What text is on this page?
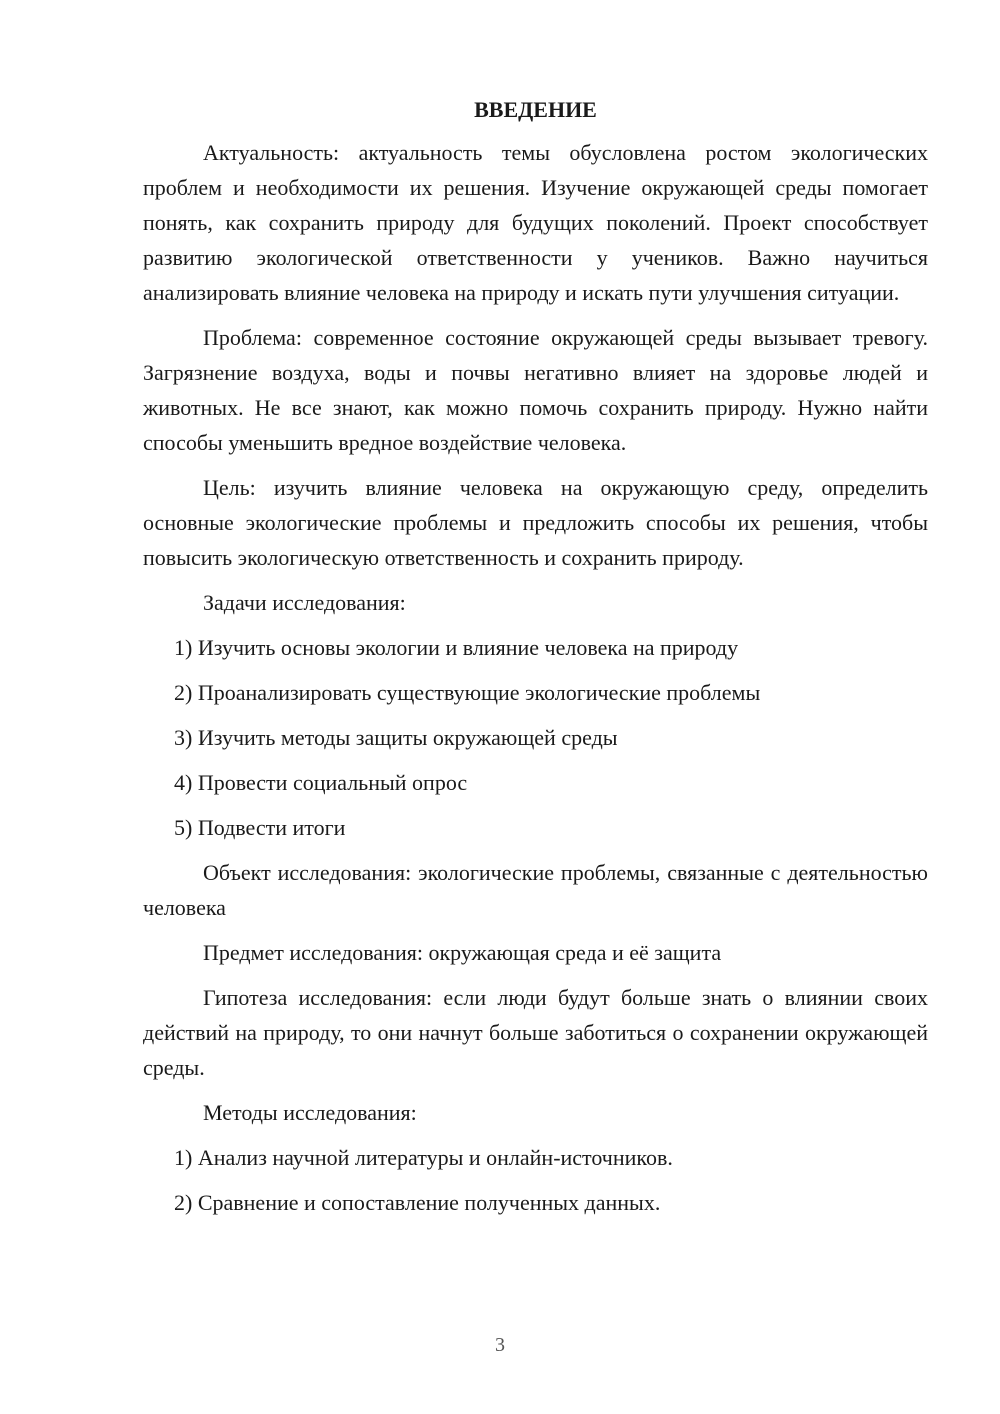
ВВЕДЕНИЕ

Актуальность: актуальность темы обусловлена ростом экологических проблем и необходимости их решения. Изучение окружающей среды помогает понять, как сохранить природу для будущих поколений. Проект способствует развитию экологической ответственности у учеников. Важно научиться анализировать влияние человека на природу и искать пути улучшения ситуации.

Проблема: современное состояние окружающей среды вызывает тревогу. Загрязнение воздуха, воды и почвы негативно влияет на здоровье людей и животных. Не все знают, как можно помочь сохранить природу. Нужно найти способы уменьшить вредное воздействие человека.

Цель: изучить влияние человека на окружающую среду, определить основные экологические проблемы и предложить способы их решения, чтобы повысить экологическую ответственность и сохранить природу.

Задачи исследования:
1) Изучить основы экологии и влияние человека на природу
2) Проанализировать существующие экологические проблемы
3) Изучить методы защиты окружающей среды
4) Провести социальный опрос
5) Подвести итоги

Объект исследования: экологические проблемы, связанные с деятельностью человека

Предмет исследования: окружающая среда и её защита

Гипотеза исследования: если люди будут больше знать о влиянии своих действий на природу, то они начнут больше заботиться о сохранении окружающей среды.

Методы исследования:
1) Анализ научной литературы и онлайн-источников.
2) Сравнение и сопоставление полученных данных.
3
